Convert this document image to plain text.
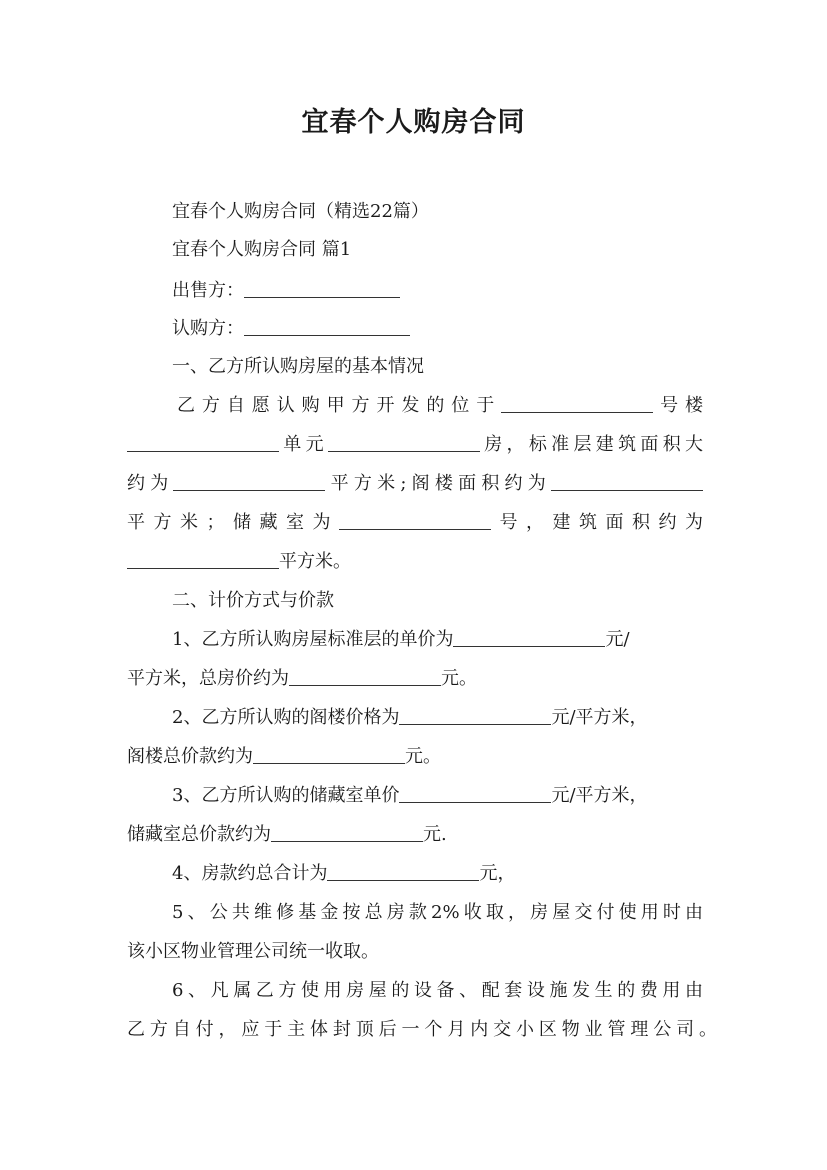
宜春个人购房合同
宜春个人购房合同（精选22篇）
宜春个人购房合同 篇1
出售方：
认购方：
一、乙方所认购房屋的基本情况
乙方自愿认购甲方开发的位于	号楼
单元	房，标准层建筑面积大
约为	平方米;阁楼面积约为
平方米；储藏室为	号，建筑面积约为
平方米。
二、计价方式与价款
1、乙方所认购房屋标准层的单价为	元/
平方米，总房价约为	元。
2、乙方所认购的阁楼价格为	元/平方米，
阁楼总价款约为	元。
3、乙方所认购的储藏室单价	元/平方米，
储藏室总价款约为	元.
4、房款约总合计为	元，
5、公共维修基金按总房款2%收取，房屋交付使用时由
该小区物业管理公司统一收取。
6、凡属乙方使用房屋的设备、配套设施发生的费用由
乙方自付，应于主体封顶后一个月内交小区物业管理公司。
